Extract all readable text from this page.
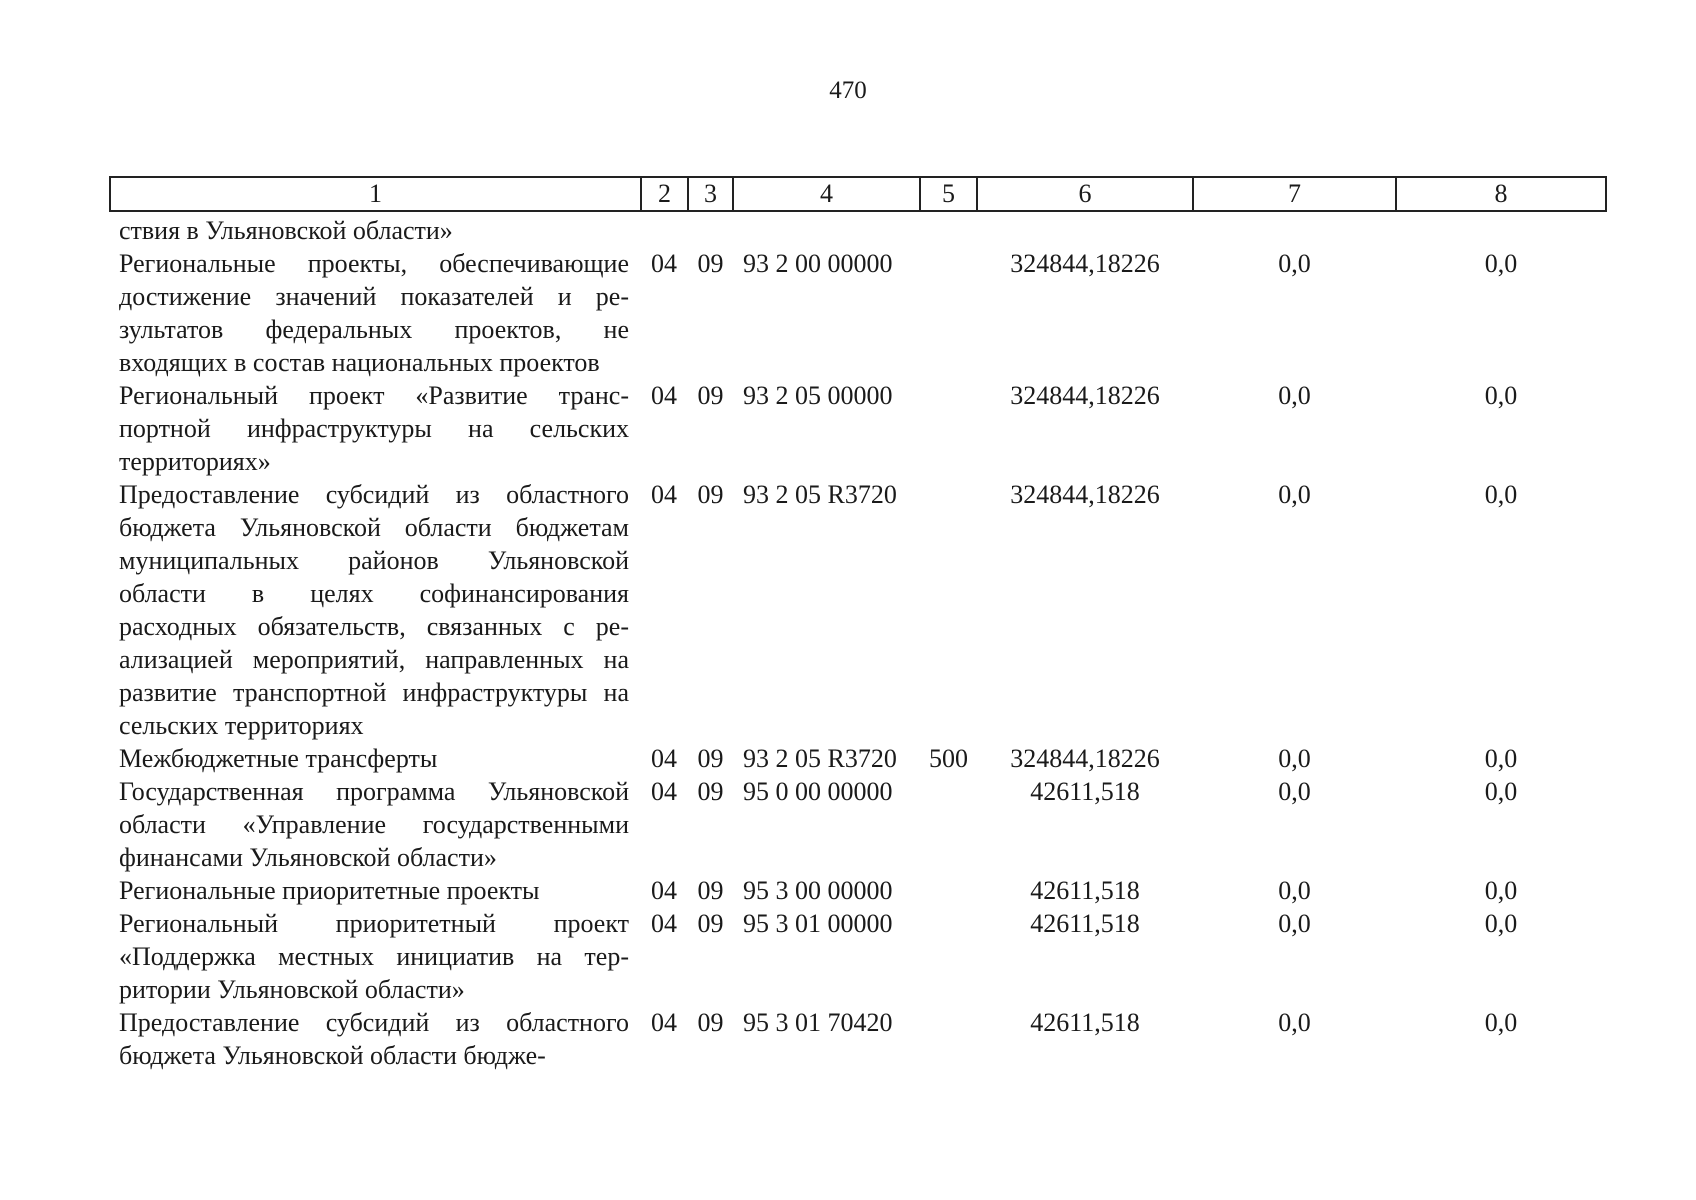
470
1	2	3	4	5	6	7	8
ствия в Ульяновской области»							
Региональные проекты, обеспечивающие достижение значений показателей и результатов федеральных проектов, не входящих в состав национальных проектов	04	09	93 2 00 00000		324844,18226	0,0	0,0
Региональный проект «Развитие транспортной инфраструктуры на сельских территориях»	04	09	93 2 05 00000		324844,18226	0,0	0,0
Предоставление субсидий из областного бюджета Ульяновской области бюджетам муниципальных районов Ульяновской области в целях софинансирования расходных обязательств, связанных с реализацией мероприятий, направленных на развитие транспортной инфраструктуры на сельских территориях	04	09	93 2 05 R3720		324844,18226	0,0	0,0
Межбюджетные трансферты	04	09	93 2 05 R3720	500	324844,18226	0,0	0,0
Государственная программа Ульяновской области «Управление государственными финансами Ульяновской области»	04	09	95 0 00 00000		42611,518	0,0	0,0
Региональные приоритетные проекты	04	09	95 3 00 00000		42611,518	0,0	0,0
Региональный приоритетный проект «Поддержка местных инициатив на территории Ульяновской области»	04	09	95 3 01 00000		42611,518	0,0	0,0
Предоставление субсидий из областного бюджета Ульяновской области бюдже-	04	09	95 3 01 70420		42611,518	0,0	0,0
